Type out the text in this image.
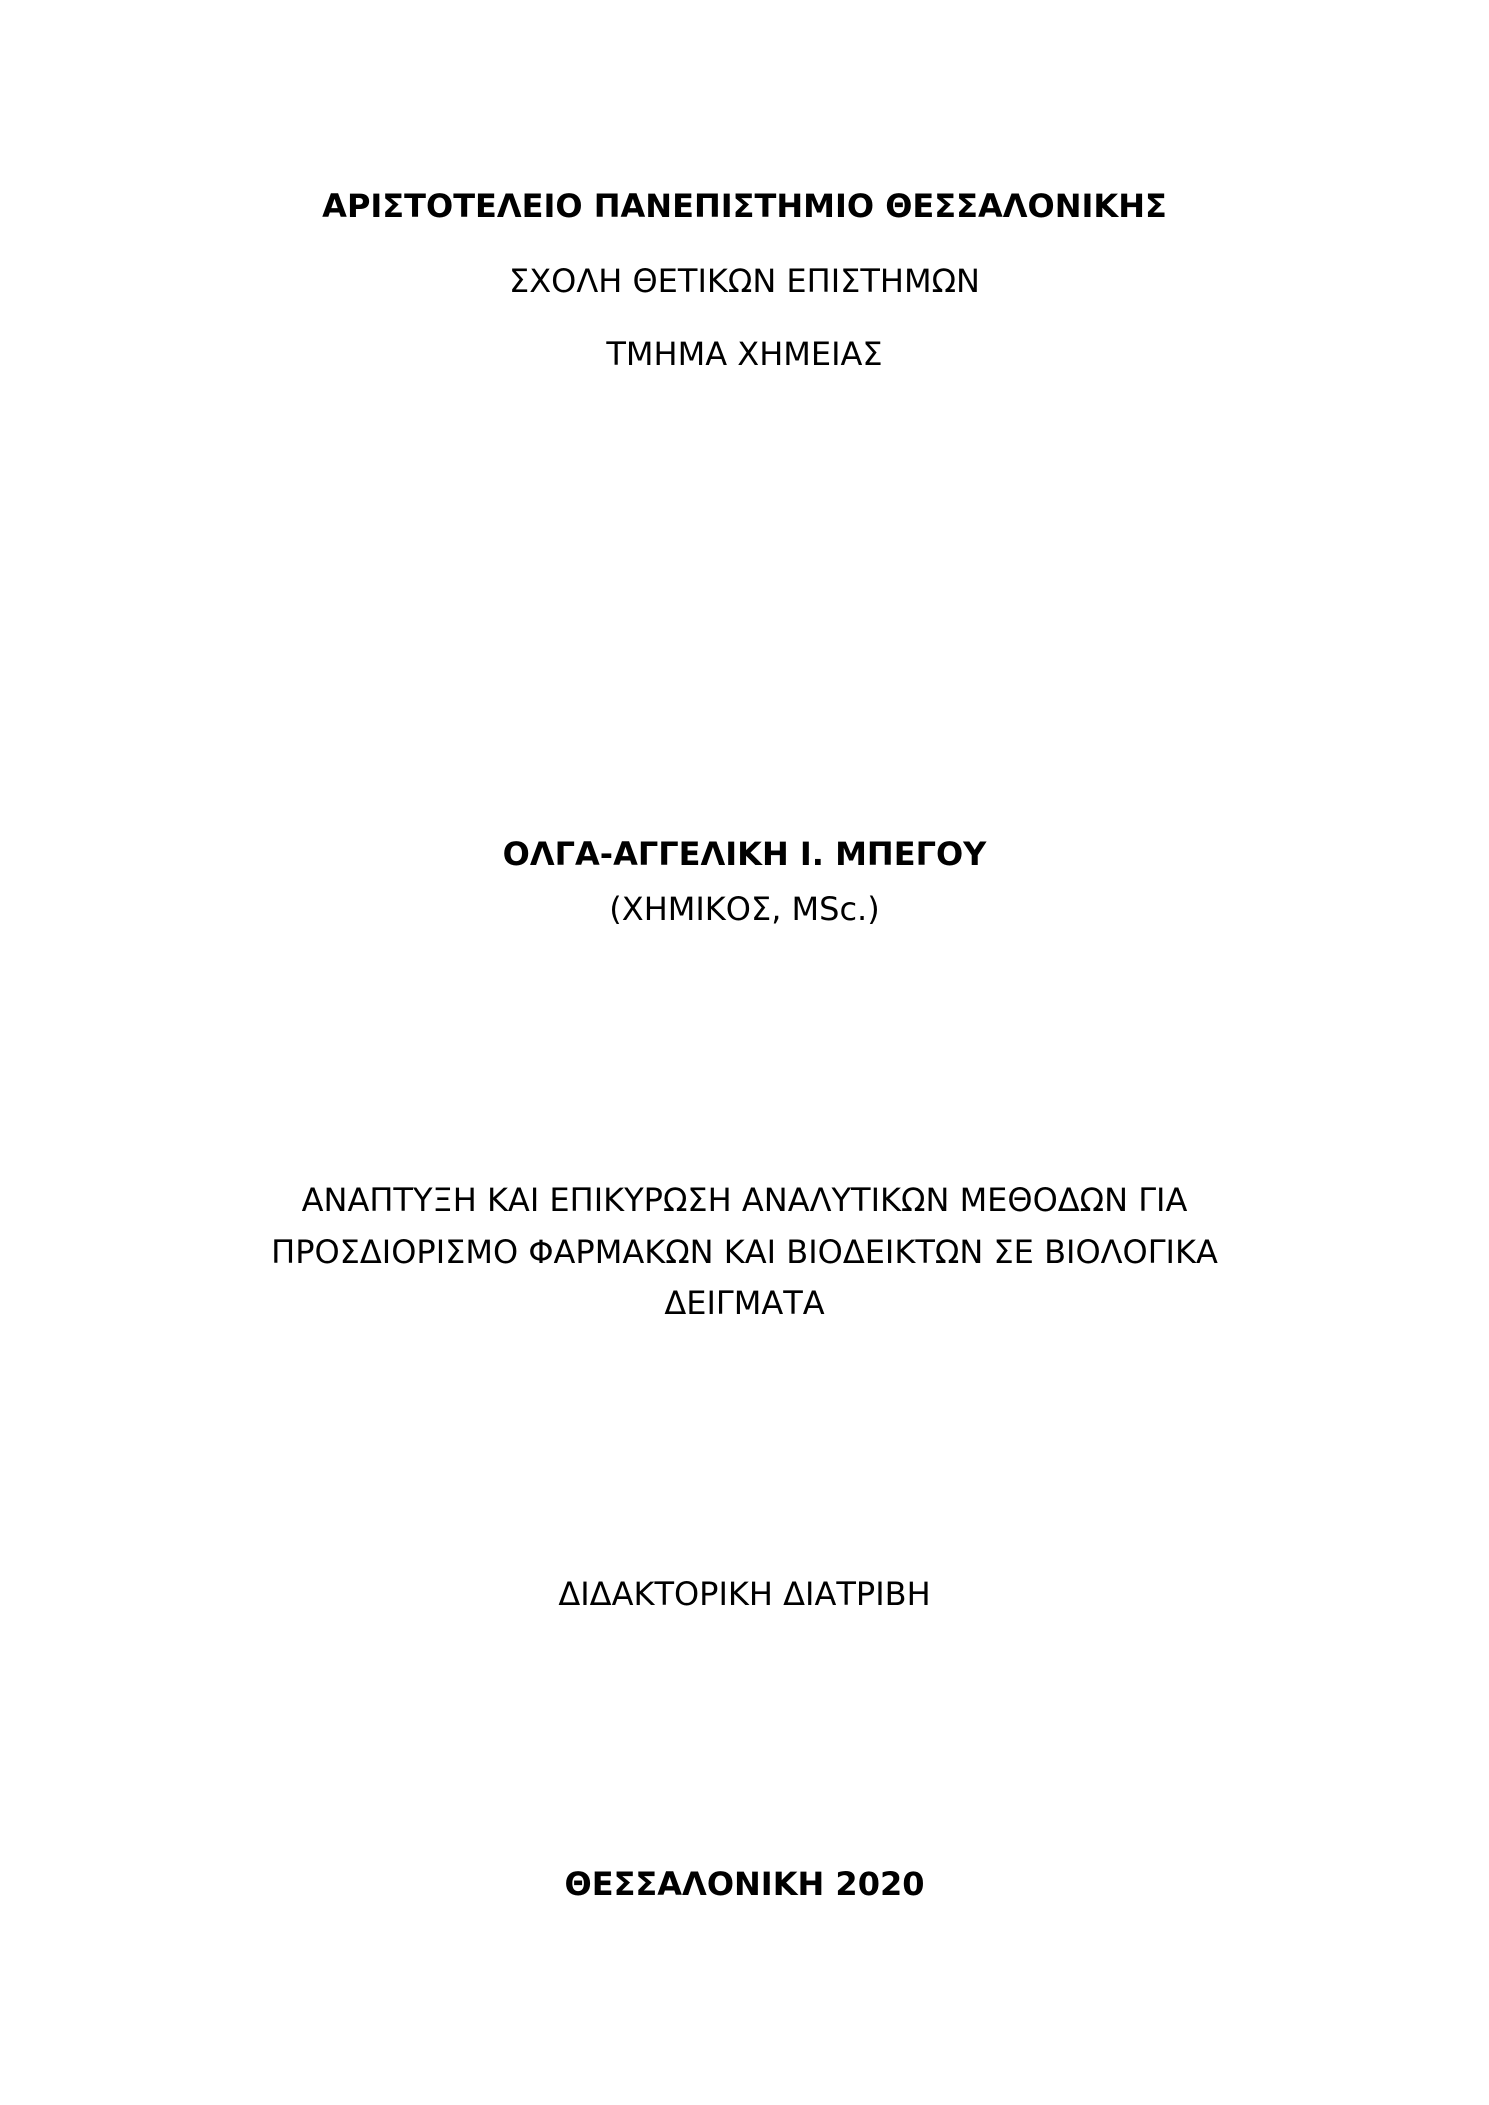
ΑΡΙΣΤΟΤΕΛΕΙΟ ΠΑΝΕΠΙΣΤΗΜΙΟ ΘΕΣΣΑΛΟΝΙΚΗΣ
ΣΧΟΛΗ ΘΕΤΙΚΩΝ ΕΠΙΣΤΗΜΩΝ
ΤΜΗΜΑ ΧΗΜΕΙΑΣ
ΟΛΓΑ-ΑΓΓΕΛΙΚΗ Ι. ΜΠΕΓΟΥ
(ΧΗΜΙΚΟΣ, MSc.)
ΑΝΑΠΤΥΞΗ ΚΑΙ ΕΠΙΚΥΡΩΣΗ ΑΝΑΛΥΤΙΚΩΝ ΜΕΘΟΔΩΝ ΓΙΑ
ΠΡΟΣΔΙΟΡΙΣΜΟ ΦΑΡΜΑΚΩΝ ΚΑΙ ΒΙΟΔΕΙΚΤΩΝ ΣΕ ΒΙΟΛΟΓΙΚΑ
ΔΕΙΓΜΑΤΑ
ΔΙΔΑΚΤΟΡΙΚΗ ΔΙΑΤΡΙΒΗ
ΘΕΣΣΑΛΟΝΙΚΗ 2020
